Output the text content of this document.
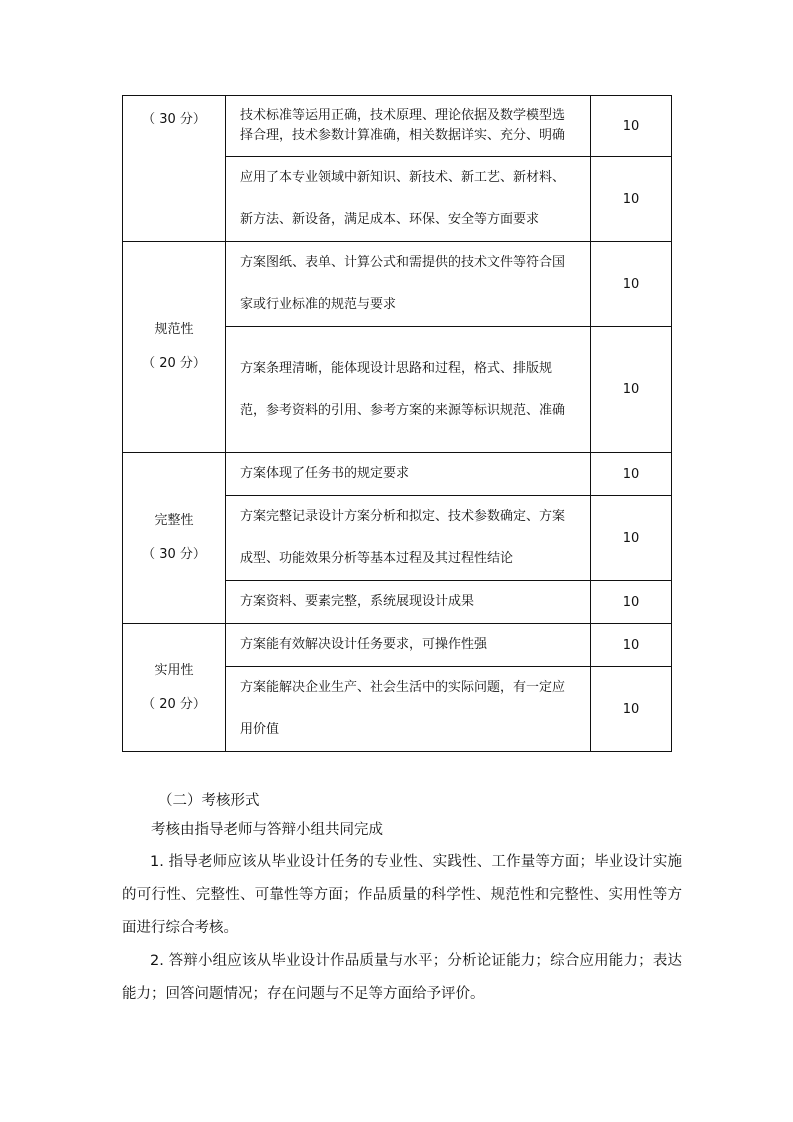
（ 30 分）	技术标准等运用正确，技术原理、理论依据及数学模型选择合理，技术参数计算准确，相关数据详实、充分、明确	10
	应用了本专业领域中新知识、新技术、新工艺、新材料、新方法、新设备，满足成本、环保、安全等方面要求	10

规范性
（ 20 分）	方案图纸、表单、计算公式和需提供的技术文件等符合国家或行业标准的规范与要求	10
	方案条理清晰，能体现设计思路和过程，格式、排版规范，参考资料的引用、参考方案的来源等标识规范、准确	10

完整性
（ 30 分）	方案体现了任务书的规定要求	10
	方案完整记录设计方案分析和拟定、技术参数确定、方案成型、功能效果分析等基本过程及其过程性结论	10
	方案资料、要素完整，系统展现设计成果	10

实用性
（ 20 分）	方案能有效解决设计任务要求，可操作性强	10
	方案能解决企业生产、社会生活中的实际问题，有一定应用价值	10
（二）考核形式
考核由指导老师与答辩小组共同完成
1. 指导老师应该从毕业设计任务的专业性、实践性、工作量等方面；毕业设计实施的可行性、完整性、可靠性等方面；作品质量的科学性、规范性和完整性、实用性等方面进行综合考核。
2. 答辩小组应该从毕业设计作品质量与水平；分析论证能力；综合应用能力；表达能力；回答问题情况；存在问题与不足等方面给予评价。
